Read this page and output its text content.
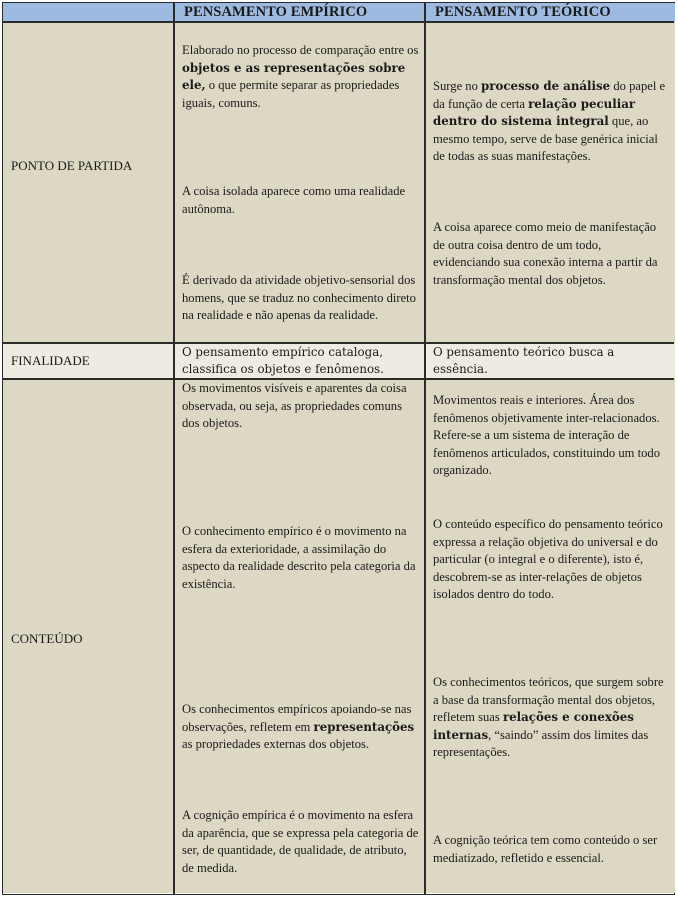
PENSAMENTO EMPÍRICO	PENSAMENTO TEÓRICO
PONTO DE PARTIDA
Elaborado no processo de comparação entre os objetos e as representações sobre ele, o que permite separar as propriedades iguais, comuns.
A coisa isolada aparece como uma realidade autônoma.
É derivado da atividade objetivo-sensorial dos homens, que se traduz no conhecimento direto na realidade e não apenas da realidade.
Surge no processo de análise do papel e da função de certa relação peculiar dentro do sistema integral que, ao mesmo tempo, serve de base genérica inicial de todas as suas manifestações.
A coisa aparece como meio de manifestação de outra coisa dentro de um todo, evidenciando sua conexão interna a partir da transformação mental dos objetos.
FINALIDADE
O pensamento empírico cataloga, classifica os objetos e fenômenos.
O pensamento teórico busca a essência.
CONTEÚDO
Os movimentos visíveis e aparentes da coisa observada, ou seja, as propriedades comuns dos objetos.
O conhecimento empírico é o movimento na esfera da exterioridade, a assimilação do aspecto da realidade descrito pela categoria da existência.
Os conhecimentos empíricos apoiando-se nas observações, refletem em representações as propriedades externas dos objetos.
A cognição empírica é o movimento na esfera da aparência, que se expressa pela categoria de ser, de quantidade, de qualidade, de atributo, de medida.
Movimentos reais e interiores. Área dos fenômenos objetivamente inter-relacionados. Refere-se a um sistema de interação de fenômenos articulados, constituindo um todo organizado.
O conteúdo específico do pensamento teórico expressa a relação objetiva do universal e do particular (o integral e o diferente), isto é, descobrem-se as inter-relações de objetos isolados dentro do todo.
Os conhecimentos teóricos, que surgem sobre a base da transformação mental dos objetos, refletem suas relações e conexões internas, “saindo” assim dos limites das representações.
A cognição teórica tem como conteúdo o ser mediatizado, refletido e essencial.
